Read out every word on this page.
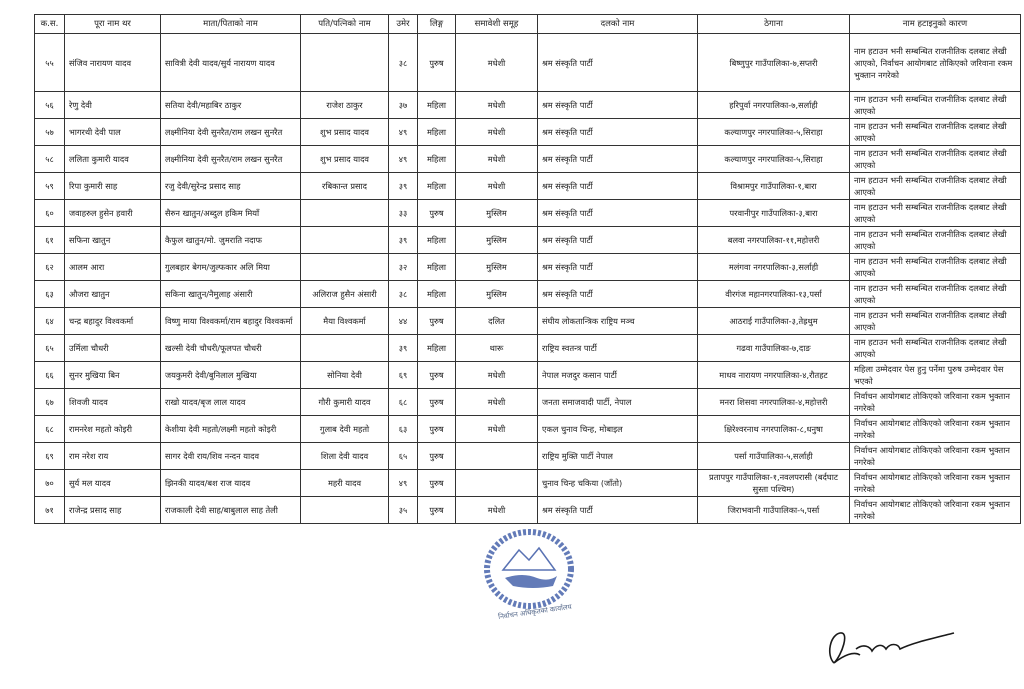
क.स.	पूरा नाम थर	माता/पिताको नाम	पति/पत्निको नाम	उमेर	लिङ्ग	समावेशी समूह	दलको नाम	ठेगाना	नाम हटाइनुको कारण
५५	संजिव नारायण यादव	सावित्री देवी यादव/सुर्य नारायण यादव		३८	पुरुष	मधेशी	श्रम संस्कृति पार्टी	बिष्णुपुर गाउँपालिका-७,सप्तरी	नाम हटाउन भनी सम्बन्धित राजनीतिक दलबाट लेखी आएको, निर्वाचन आयोगबाट तोकिएको जरिवाना रकम भुक्तान नगरेको
५६	रेणु देवी	सतिया देवी/महाबिर ठाकुर	राजेश ठाकुर	३७	महिला	मधेशी	श्रम संस्कृति पार्टी	हरिपुर्वा नगरपालिका-७,सर्लाही	नाम हटाउन भनी सम्बन्धित राजनीतिक दलबाट लेखी आएको
५७	भागरथी देवी पाल	लक्ष्मीनिया देवी सुनरैत/राम लखन सुनरैत	शुभ प्रसाद यादव	४९	महिला	मधेशी	श्रम संस्कृति पार्टी	कल्याणपुर नगरपालिका-५,सिराहा	नाम हटाउन भनी सम्बन्धित राजनीतिक दलबाट लेखी आएको
५८	ललिता कुमारी यादव	लक्ष्मीनिया देवी सुनरैत/राम लखन सुनरैत	शुभ प्रसाद यादव	४९	महिला	मधेशी	श्रम संस्कृति पार्टी	कल्याणपुर नगरपालिका-५,सिराहा	नाम हटाउन भनी सम्बन्धित राजनीतिक दलबाट लेखी आएको
५९	रिपा कुमारी साह	रजु देवी/सुरेन्द्र प्रसाद साह	रबिकान्त प्रसाद	३९	महिला	मधेशी	श्रम संस्कृति पार्टी	विश्रामपुर गाउँपालिका-१,बारा	नाम हटाउन भनी सम्बन्धित राजनीतिक दलबाट लेखी आएको
६०	जवाहरुल हुसेन हवारी	सैरुन खातुन/अब्दुल हकिम मियाँ		३३	पुरुष	मुस्लिम	श्रम संस्कृति पार्टी	परवानीपुर गाउँपालिका-३,बारा	नाम हटाउन भनी सम्बन्धित राजनीतिक दलबाट लेखी आएको
६१	सफिना खातुन	कैफुल खातुन/मो. जुमराति नदाफ		३९	महिला	मुस्लिम	श्रम संस्कृति पार्टी	बलवा नगरपालिका-११,महोत्तरी	नाम हटाउन भनी सम्बन्धित राजनीतिक दलबाट लेखी आएको
६२	आलम आरा	गुलबहार बेगम/जुल्फकार अलि मिया		३२	महिला	मुस्लिम	श्रम संस्कृति पार्टी	मलंगवा नगरपालिका-३,सर्लाही	नाम हटाउन भनी सम्बन्धित राजनीतिक दलबाट लेखी आएको
६३	औजरा खातुन	सकिना खातुन/नैमुलाह अंसारी	अलिराज हुसैन अंसारी	३८	महिला	मुस्लिम	श्रम संस्कृति पार्टी	वीरगंज महानगरपालिका-१३,पर्सा	नाम हटाउन भनी सम्बन्धित राजनीतिक दलबाट लेखी आएको
६४	चन्द्र बहादुर विश्वकर्मा	विष्णु माया विश्वकर्मा/राम बहादुर विश्वकर्मा	मैया विश्वकर्मा	४४	पुरुष	दलित	संघीय लोकतान्त्रिक राष्ट्रिय मञ्च	आठराई गाउँपालिका-३,तेह्रथुम	नाम हटाउन भनी सम्बन्धित राजनीतिक दलबाट लेखी आएको
६५	उर्मिला चौधरी	खल्सी देवी चौधरी/फूलपत चौधरी		३९	महिला	थारू	राष्ट्रिय स्वतन्त्र पार्टी	गढवा गाउँपालिका-७,दाङ	नाम हटाउन भनी सम्बन्धित राजनीतिक दलबाट लेखी आएको
६६	सुनर मुखिया बिन	जयकुमरी देवी/बुनिलाल मुखिया	सोनिया देवी	६९	पुरुष	मधेशी	नेपाल मजदुर कसान पार्टी	माधव नारायण नगरपालिका-४,रौतहट	महिला उम्मेदवार पेस हुनु पर्नेमा पुरुष उम्मेदवार पेस भएको
६७	शिवजी यादव	राखो यादव/बृज लाल यादव	गौरी कुमारी यादव	६८	पुरुष	मधेशी	जनता समाजवादी पार्टी, नेपाल	मनरा शिसवा नगरपालिका-४,महोत्तरी	निर्वाचन आयोगबाट तोकिएको जरिवाना रकम भुक्तान नगरेको
६८	रामनरेश महतो कोइरी	केशीया देवी महतो/लक्ष्मी महतो कोइरी	गुलाब देवी महतो	६३	पुरुष	मधेशी	एकल चुनाव चिन्ह, मोबाइल	क्षिरेश्वरनाथ नगरपालिका-८,धनुषा	निर्वाचन आयोगबाट तोकिएको जरिवाना रकम भुक्तान नगरेको
६९	राम नरेश राय	सागर देवी राय/शिव नन्दन यादव	शिला देवी यादव	६५	पुरुष		राष्ट्रिय मुक्ति पार्टी नेपाल	पर्सा गाउँपालिका-५,सर्लाही	निर्वाचन आयोगबाट तोकिएको जरिवाना रकम भुक्तान नगरेको
७०	सुर्य मल यादव	झिनकी यादव/बश राज यादव	महरी यादव	४९	पुरुष		चुनाव चिन्ह चकिया (जाँतो)	प्रतापपुर गाउँपालिका-१,नवलपरासी (बर्दघाट सुस्ता पश्चिम)	निर्वाचन आयोगबाट तोकिएको जरिवाना रकम भुक्तान नगरेको
७१	राजेन्द्र प्रसाद साह	राजकाली देवी साह/बाबुलाल साह तेली		३५	पुरुष	मधेशी	श्रम संस्कृति पार्टी	जिराभवानी गाउँपालिका-५,पर्सा	निर्वाचन आयोगबाट तोकिएको जरिवाना रकम भुक्तान नगरेको
निर्वाचन अधिकृतको कार्यालय
